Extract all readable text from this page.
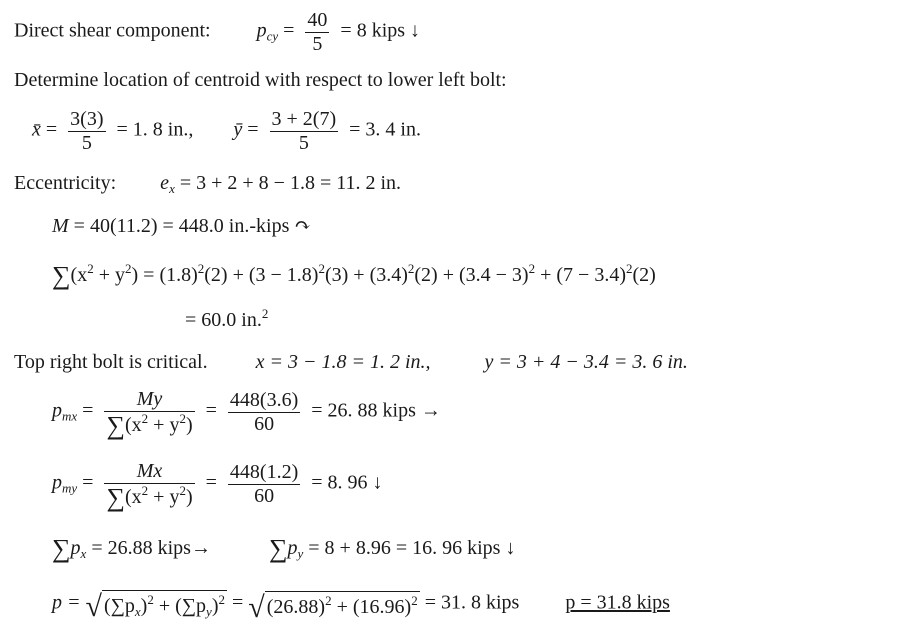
Direct shear component: $p_{cy} = \frac{40}{5} = 8$ kips ↓
Determine location of centroid with respect to lower left bolt:
x̄ = $\frac{3(3)}{5} = 1$. 8 in., ȳ = $\frac{3 + 2(7)}{5} = 3$. 4 in.
Eccentricity: $e_x = 3 + 2 + 8 - 1.8 = 11$. 2 in.
M = 40(11.2) = 448.0 in.-kips ↷
$\sum(x^2 + y^2) = (1.8)^2(2) + (3 - 1.8)^2(3) + (3.4)^2(2) + (3.4 - 3)^2 + (7 - 3.4)^2(2)$
= 60.0 in.$^2$
Top right bolt is critical. x = 3 − 1.8 = 1. 2 in.,	y = 3 + 4 − 3.4 = 3. 6 in.
$p_{mx} = \frac{My}{\sum(x^2 + y^2)} = \frac{448(3.6)}{60} = 26$. 88 kips →
$p_{my} = \frac{Mx}{\sum(x^2 + y^2)} = \frac{448(1.2)}{60} = 8$. 96 ↓
$\sum p_x = 26.88$ kips→ $\sum p_y = 8 + 8.96 = 16$. 96 kips ↓
p = √ $(\sum p_x)^2 + (\sum p_y)^2$ = √ $(26.88)^2 + (16.96)^2 = 31$. 8 kips p = 31.8 kips
